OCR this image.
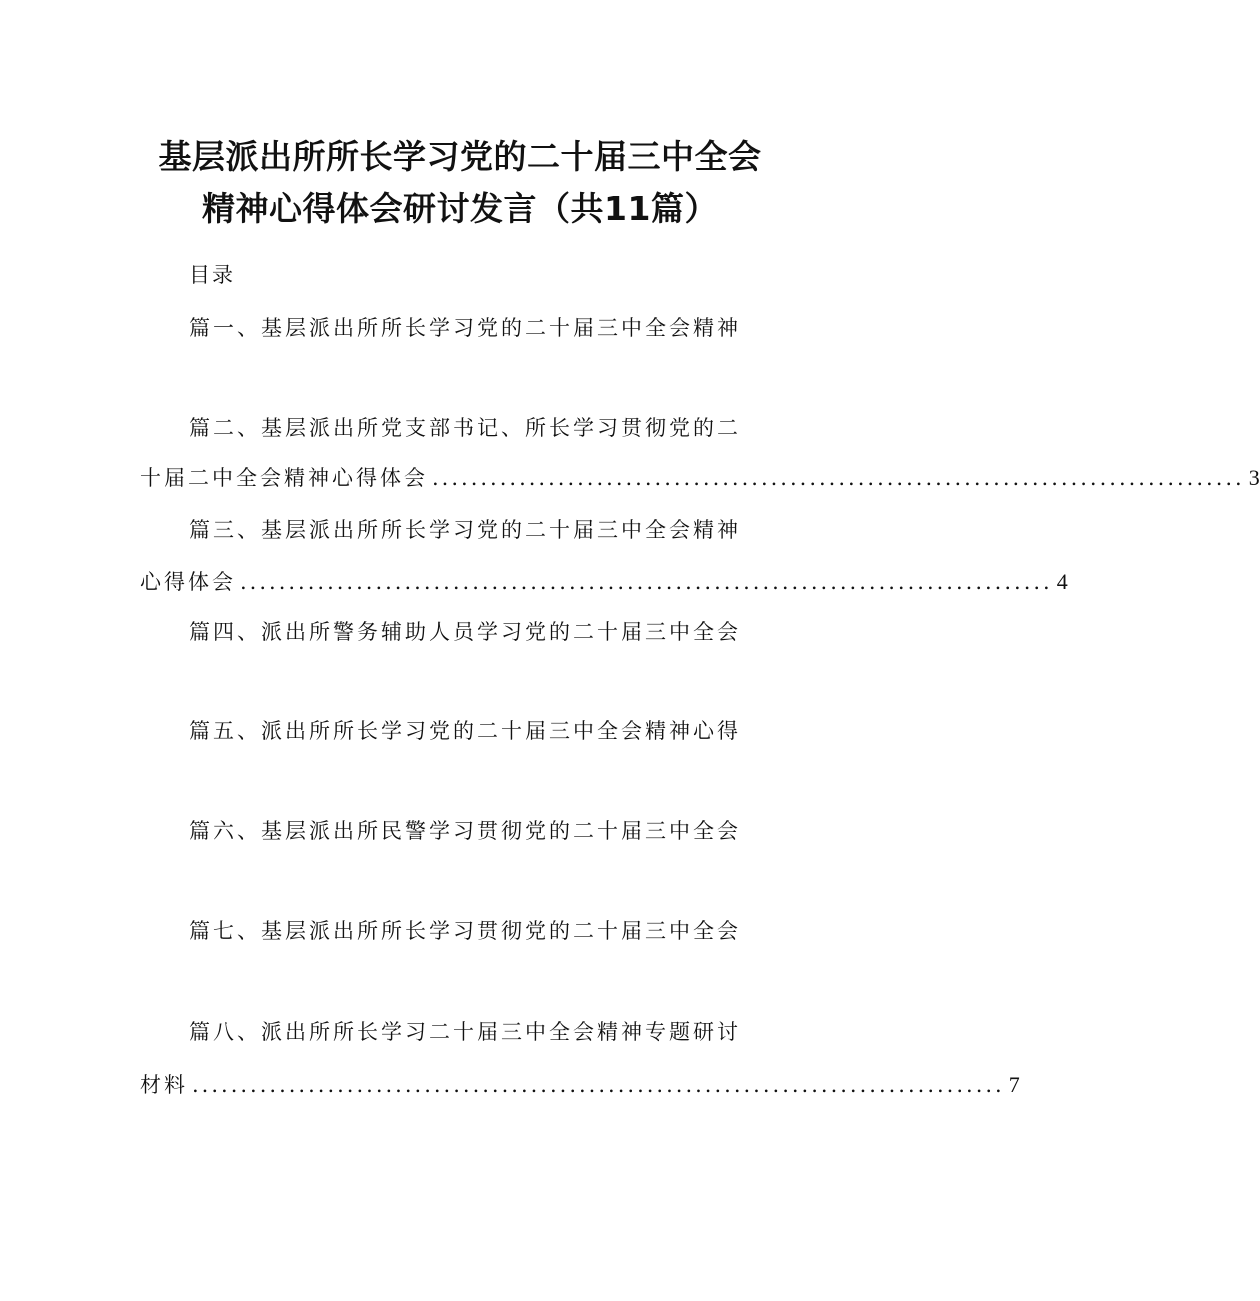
基层派出所所长学习党的二十届三中全会
精神心得体会研讨发言（共11篇）
目录
篇一、基层派出所所长学习党的二十届三中全会精神
篇二、基层派出所党支部书记、所长学习贯彻党的二
十届二中全会精神心得体会 .................................................................................... 3
篇三、基层派出所所长学习党的二十届三中全会精神
心得体会 .................................................................................... 4
篇四、派出所警务辅助人员学习党的二十届三中全会
篇五、派出所所长学习党的二十届三中全会精神心得
篇六、基层派出所民警学习贯彻党的二十届三中全会
篇七、基层派出所所长学习贯彻党的二十届三中全会
篇八、派出所所长学习二十届三中全会精神专题研讨
材料 .................................................................................... 7
